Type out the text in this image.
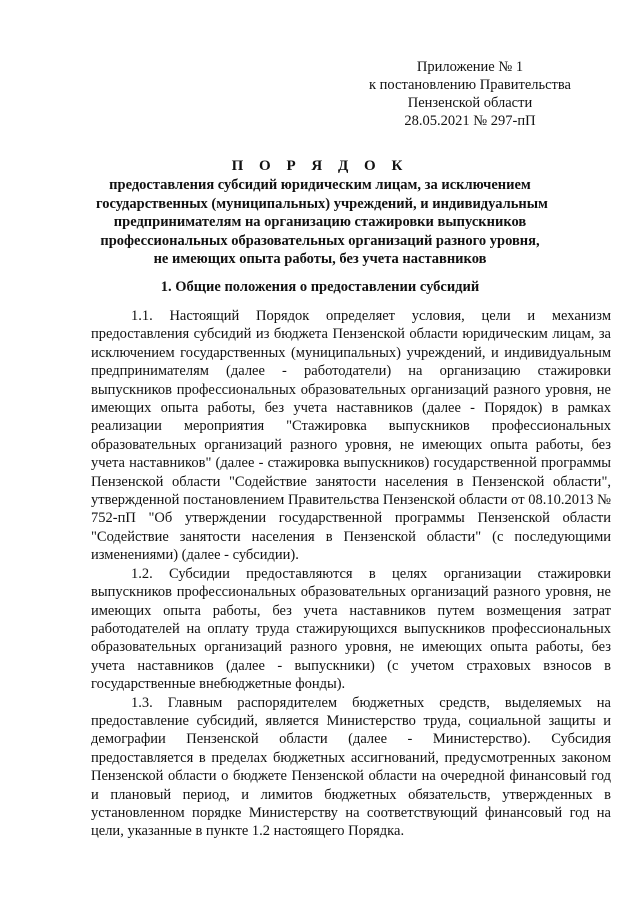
Приложение № 1
к постановлению Правительства
Пензенской области
28.05.2021 № 297-пП
П О Р Я Д О К
предоставления субсидий юридическим лицам, за исключением
государственных (муниципальных) учреждений, и индивидуальным
предпринимателям на организацию стажировки выпускников
профессиональных образовательных организаций разного уровня,
не имеющих опыта работы, без учета наставников
1. Общие положения о предоставлении субсидий

1.1. Настоящий Порядок определяет условия, цели и механизм предоставления субсидий из бюджета Пензенской области юридическим лицам, за исключением государственных (муниципальных) учреждений, и индивидуальным предпринимателям (далее - работодатели) на организацию стажировки выпускников профессиональных образовательных организаций разного уровня, не имеющих опыта работы, без учета наставников (далее - Порядок) в рамках реализации мероприятия "Стажировка выпускников профессиональных образовательных организаций разного уровня, не имеющих опыта работы, без учета наставников" (далее - стажировка выпускников) государственной программы Пензенской области "Содействие занятости населения в Пензенской области", утвержденной постановлением Правительства Пензенской области от 08.10.2013 № 752-пП "Об утверждении государственной программы Пензенской области "Содействие занятости населения в Пензенской области" (с последующими изменениями) (далее - субсидии).

1.2. Субсидии предоставляются в целях организации стажировки выпускников профессиональных образовательных организаций разного уровня, не имеющих опыта работы, без учета наставников путем возмещения затрат работодателей на оплату труда стажирующихся выпускников профессиональных образовательных организаций разного уровня, не имеющих опыта работы, без учета наставников (далее - выпускники) (с учетом страховых взносов в государственные внебюджетные фонды).

1.3. Главным распорядителем бюджетных средств, выделяемых на предоставление субсидий, является Министерство труда, социальной защиты и демографии Пензенской области (далее - Министерство). Субсидия предоставляется в пределах бюджетных ассигнований, предусмотренных законом Пензенской области о бюджете Пензенской области на очередной финансовый год и плановый период, и лимитов бюджетных обязательств, утвержденных в установленном порядке Министерству на соответствующий финансовый год на цели, указанные в пункте 1.2 настоящего Порядка.
